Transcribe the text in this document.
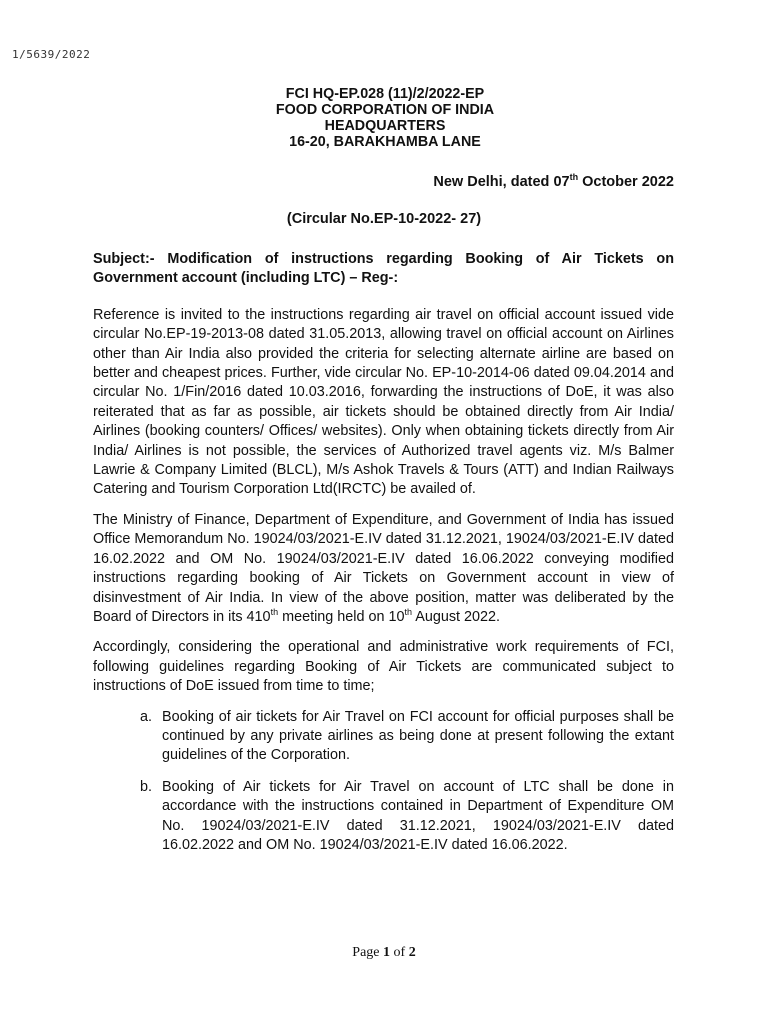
1/5639/2022
FCI HQ-EP.028 (11)/2/2022-EP
FOOD CORPORATION OF INDIA
HEADQUARTERS
16-20, BARAKHAMBA LANE
New Delhi, dated 07th October 2022
(Circular No.EP-10-2022- 27)

Subject:- Modification of instructions regarding Booking of Air Tickets on Government account (including LTC) – Reg-:

Reference is invited to the instructions regarding air travel on official account issued vide circular No.EP-19-2013-08 dated 31.05.2013, allowing travel on official account on Airlines other than Air India also provided the criteria for selecting alternate airline are based on better and cheapest prices. Further, vide circular No. EP-10-2014-06 dated 09.04.2014 and circular No. 1/Fin/2016 dated 10.03.2016, forwarding the instructions of DoE, it was also reiterated that as far as possible, air tickets should be obtained directly from Air India/ Airlines (booking counters/ Offices/ websites). Only when obtaining tickets directly from Air India/ Airlines is not possible, the services of Authorized travel agents viz. M/s Balmer Lawrie & Company Limited (BLCL), M/s Ashok Travels & Tours (ATT) and Indian Railways Catering and Tourism Corporation Ltd(IRCTC) be availed of.

The Ministry of Finance, Department of Expenditure, and Government of India has issued Office Memorandum No. 19024/03/2021-E.IV dated 31.12.2021, 19024/03/2021-E.IV dated 16.02.2022 and OM No. 19024/03/2021-E.IV dated 16.06.2022 conveying modified instructions regarding booking of Air Tickets on Government account in view of disinvestment of Air India. In view of the above position, matter was deliberated by the Board of Directors in its 410th meeting held on 10th August 2022.

Accordingly, considering the operational and administrative work requirements of FCI, following guidelines regarding Booking of Air Tickets are communicated subject to instructions of DoE issued from time to time;

a. Booking of air tickets for Air Travel on FCI account for official purposes shall be continued by any private airlines as being done at present following the extant guidelines of the Corporation.
b. Booking of Air tickets for Air Travel on account of LTC shall be done in accordance with the instructions contained in Department of Expenditure OM No. 19024/03/2021-E.IV dated 31.12.2021, 19024/03/2021-E.IV dated 16.02.2022 and OM No. 19024/03/2021-E.IV dated 16.06.2022.
Page 1 of 2
